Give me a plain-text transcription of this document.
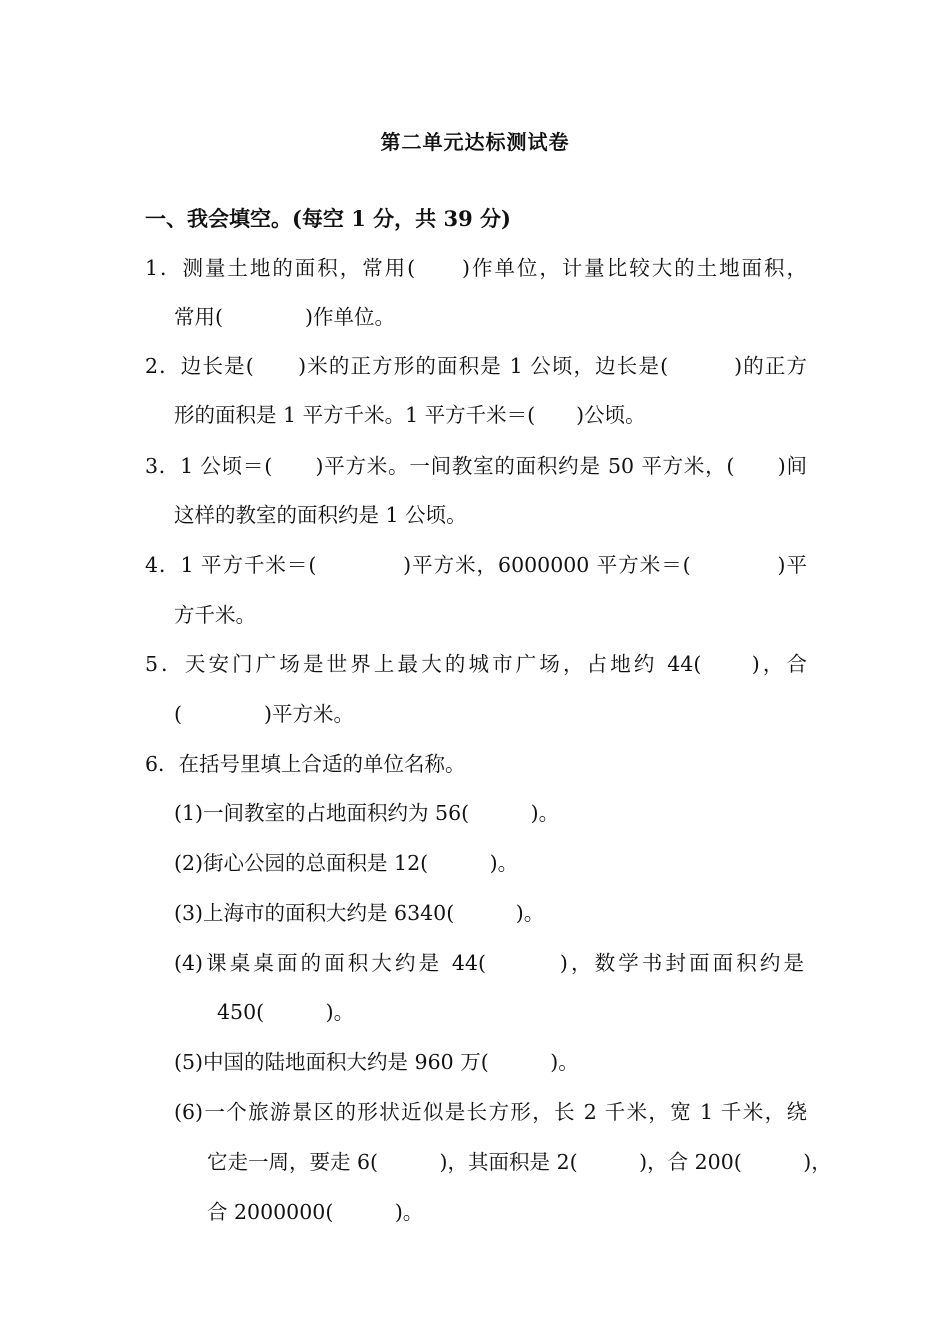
第二单元达标测试卷
一、我会填空。(每空 1 分，共 39 分)
1．测量土地的面积，常用(　　)作单位，计量比较大的土地面积，
常用(　　　　)作单位。
2．边长是(　　)米的正方形的面积是 1 公顷，边长是(　　　)的正方
形的面积是 1 平方千米。1 平方千米＝(　　)公顷。
3．1 公顷＝(　　)平方米。一间教室的面积约是 50 平方米，(　　)间
这样的教室的面积约是 1 公顷。
4．1 平方千米＝(　　　　)平方米，6000000 平方米＝(　　　　)平
方千米。
5．天安门广场是世界上最大的城市广场，占地约 44(　　)，合
(　　　　)平方米。
6．在括号里填上合适的单位名称。
(1)一间教室的占地面积约为 56(　　　)。
(2)街心公园的总面积是 12(　　　)。
(3)上海市的面积大约是 6340(　　　)。
(4)课桌桌面的面积大约是 44(　　　)，数学书封面面积约是
450(　　　)。
(5)中国的陆地面积大约是 960 万(　　　)。
(6)一个旅游景区的形状近似是长方形，长 2 千米，宽 1 千米，绕
它走一周，要走 6(　　　)，其面积是 2(　　　)，合 200(　　　)，
合 2000000(　　　)。
